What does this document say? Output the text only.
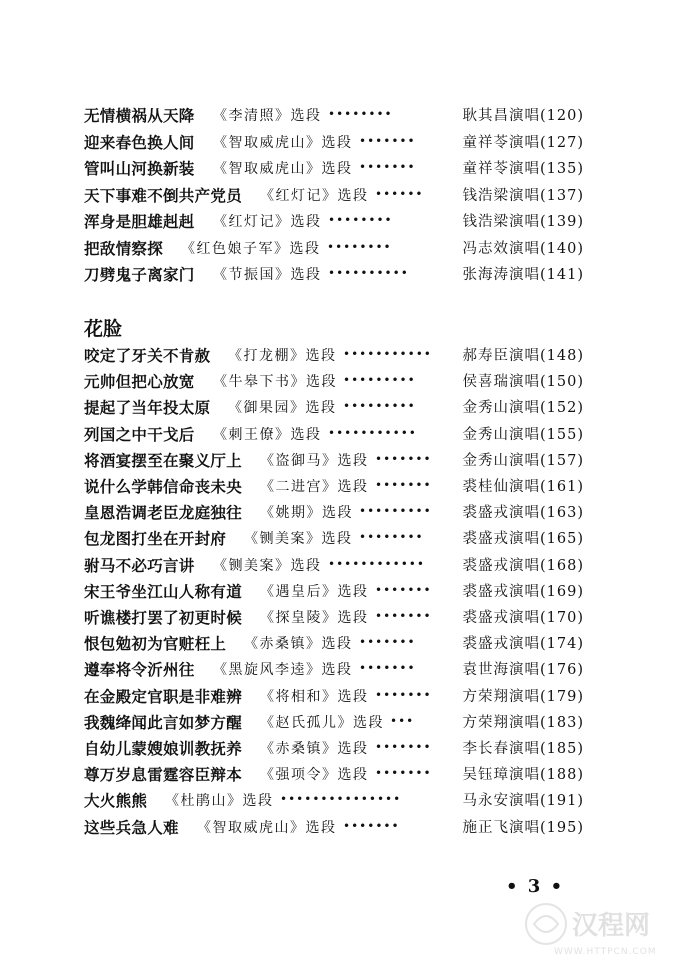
无情横祸从天降 《李清照》选段 ••••••••	耿其昌演唱(120)
迎来春色换人间 《智取威虎山》选段 •••••••	童祥苓演唱(127)
管叫山河换新装 《智取威虎山》选段 •••••••	童祥苓演唱(135)
天下事难不倒共产党员 《红灯记》选段 ••••••	钱浩梁演唱(137)
浑身是胆雄赳赳 《红灯记》选段 ••••••••	钱浩梁演唱(139)
把敌情察探 《红色娘子军》选段 ••••••••	冯志效演唱(140)
刀劈鬼子离家门 《节振国》选段 ••••••••••	张海涛演唱(141)
花脸
咬定了牙关不肯赦 《打龙棚》选段 ••••••••••• 郝寿臣演唱(148)
元帅但把心放宽 《牛皋下书》选段 •••••••••	侯喜瑞演唱(150)
提起了当年投太原 《御果园》选段 •••••••••	金秀山演唱(152)
列国之中干戈后 《刺王僚》选段 •••••••••••	金秀山演唱(155)
将酒宴摆至在聚义厅上 《盗御马》选段 ••••••• 金秀山演唱(157)
说什么学韩信命丧未央 《二进宫》选段 ••••••• 裘桂仙演唱(161)
皇恩浩调老臣龙庭独往 《姚期》选段 ••••••••• 裘盛戎演唱(163)
包龙图打坐在开封府 《铡美案》选段 ••••••••	裘盛戎演唱(165)
驸马不必巧言讲 《铡美案》选段 ••••••••••••	裘盛戎演唱(168)
宋王爷坐江山人称有道 《遇皇后》选段 ••••••• 裘盛戎演唱(169)
听谯楼打罢了初更时候 《探皇陵》选段 ••••••• 裘盛戎演唱(170)
恨包勉初为官赃枉上 《赤桑镇》选段 •••••••	裘盛戎演唱(174)
遵奉将令沂州往 《黑旋风李逵》选段 •••••••	袁世海演唱(176)
在金殿定官职是非难辨 《将相和》选段 ••••••• 方荣翔演唱(179)
我魏绛闻此言如梦方醒 《赵氏孤儿》选段 •••	方荣翔演唱(183)
自幼儿蒙嫂娘训教抚养 《赤桑镇》选段 ••••••• 李长春演唱(185)
尊万岁息雷霆容臣辩本 《强项令》选段 ••••••• 吴钰璋演唱(188)
大火熊熊 《杜鹃山》选段 •••••••••••••••	马永安演唱(191)
这些兵急人难 《智取威虎山》选段 •••••••	施正飞演唱(195)
• 3 •
汉程网
WWW.HTTPCN.COM
